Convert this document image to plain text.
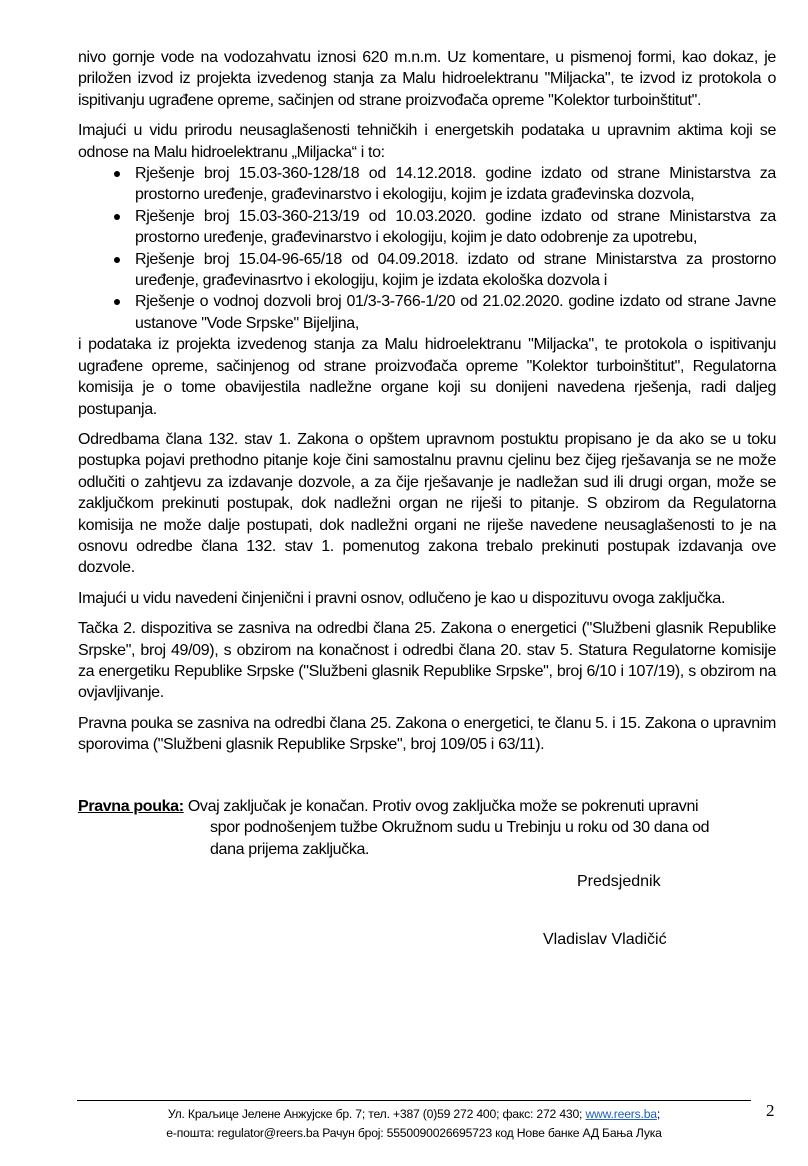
nivo gornje vode na vodozahvatu iznosi 620 m.n.m. Uz komentare, u pismenoj formi, kao dokaz, je priložen izvod iz projekta izvedenog stanja za Malu hidroelektranu "Miljacka", te izvod iz protokola o ispitivanju ugrađene opreme, sačinjen od strane proizvođača opreme "Kolektor turboinštitut".

Imajući u vidu prirodu neusaglašenosti tehničkih i energetskih podataka u upravnim aktima koji se odnose na Malu hidroelektranu „Miljacka“ i to:

Rješenje broj 15.03-360-128/18 od 14.12.2018. godine izdato od strane Ministarstva za prostorno uređenje, građevinarstvo i ekologiju, kojim je izdata građevinska dozvola,
Rješenje broj 15.03-360-213/19 od 10.03.2020. godine izdato od strane Ministarstva za prostorno uređenje, građevinarstvo i ekologiju, kojim je dato odobrenje za upotrebu,
Rješenje broj 15.04-96-65/18 od 04.09.2018. izdato od strane Ministarstva za prostorno uređenje, građevinasrtvo i ekologiju, kojim je izdata ekološka dozvola i
Rješenje o vodnoj dozvoli broj 01/3-3-766-1/20 od 21.02.2020. godine izdato od strane Javne ustanove "Vode Srpske" Bijeljina,

i podataka iz projekta izvedenog stanja za Malu hidroelektranu "Miljacka", te protokola o ispitivanju ugrađene opreme, sačinjenog od strane proizvođača opreme "Kolektor turboinštitut", Regulatorna komisija je o tome obavijestila nadležne organe koji su donijeni navedena rješenja, radi daljeg postupanja.

Odredbama člana 132. stav 1. Zakona o opštem upravnom postuktu propisano je da ako se u toku postupka pojavi prethodno pitanje koje čini samostalnu pravnu cjelinu bez čijeg rješavanja se ne može odlučiti o zahtjevu za izdavanje dozvole, a za čije rješavanje je nadležan sud ili drugi organ, može se zaključkom prekinuti postupak, dok nadležni organ ne riješi to pitanje. S obzirom da Regulatorna komisija ne može dalje postupati, dok nadležni organi ne riješe navedene neusaglašenosti to je na osnovu odredbe člana 132. stav 1. pomenutog zakona trebalo prekinuti postupak izdavanja ove dozvole.

Imajući u vidu navedeni činjenični i pravni osnov, odlučeno je kao u dispozituvu ovoga zaključka.

Tačka 2. dispozitiva se zasniva na odredbi člana 25. Zakona o energetici ("Službeni glasnik Republike Srpske", broj 49/09), s obzirom na konačnost i odredbi člana 20. stav 5. Statura Regulatorne komisije za energetiku Republike Srpske ("Službeni glasnik Republike Srpske", broj 6/10 i 107/19), s obzirom na ovjavljivanje.

Pravna pouka se zasniva na odredbi člana 25. Zakona o energetici, te članu 5. i 15. Zakona o upravnim sporovima ("Službeni glasnik Republike Srpske", broj 109/05 i 63/11).

Pravna pouka: Ovaj zaključak je konačan. Protiv ovog zaključka može se pokrenuti upravni
spor podnošenjem tužbe Okružnom sudu u Trebinju u roku od 30 dana od
dana prijema zaključka.
Predsjednik
Vladislav Vladičić
Ул. Краљице Јелене Анжујске бр. 7; тел. +387 (0)59 272 400; факс: 272 430; www.reers.ba;
е-пошта: regulator@reers.ba Рачун број: 5550090026695723 код Нове банке АД Бања Лука
2
